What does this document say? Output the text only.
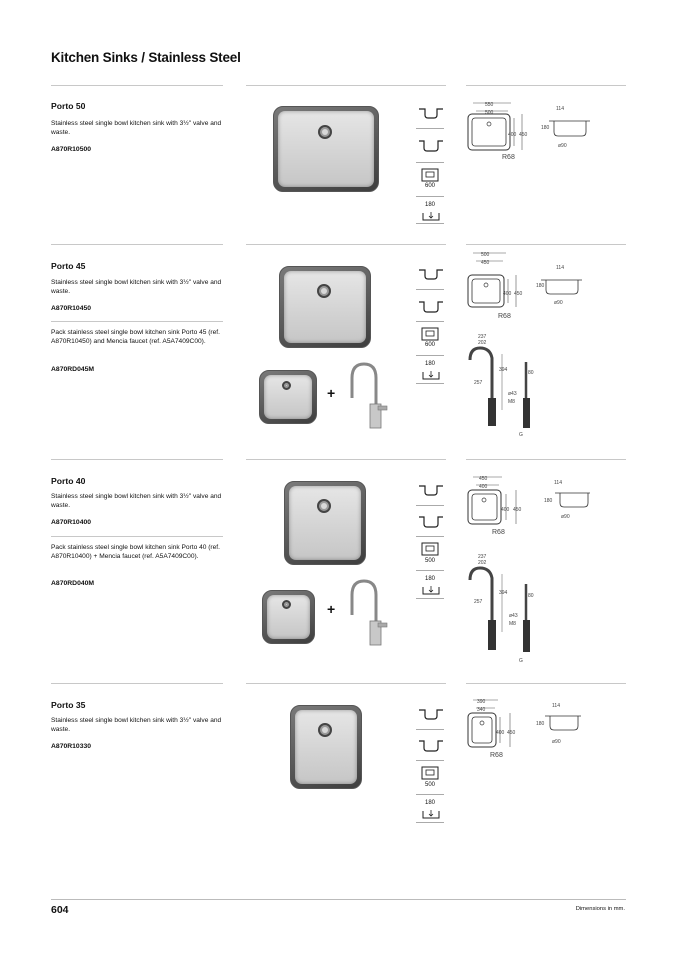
Kitchen Sinks / Stainless Steel
Porto 50
Stainless steel single bowl kitchen sink with 3½" valve and waste.
A870R10500
600
180
550
500
400 450
R68
114
180
ø90
Porto 45
Stainless steel single bowl kitchen sink with 3½" valve and waste.
A870R10450
Pack stainless steel single bowl kitchen sink Porto 45 (ref. A870R10450) and Mencia faucet (ref. A5A7409C00).
A870RD045M
+
600
180
500
450
400 450
R68
114
180
ø90
237
202
394
257
80
ø43
M8
G
Porto 40
Stainless steel single bowl kitchen sink with 3½" valve and waste.
A870R10400
Pack stainless steel single bowl kitchen sink Porto 40 (ref. A870R10400) + Mencia faucet (ref. A5A7409C00).
A870RD040M
+
500
180
450
400
400 450
R68
114
180
ø90
237
202
394
257
80
ø43
M8
G
Porto 35
Stainless steel single bowl kitchen sink with 3½" valve and waste.
A870R10330
500
180
390
340
400 450
R68
114
180
ø90
604	Dimensions in mm.
